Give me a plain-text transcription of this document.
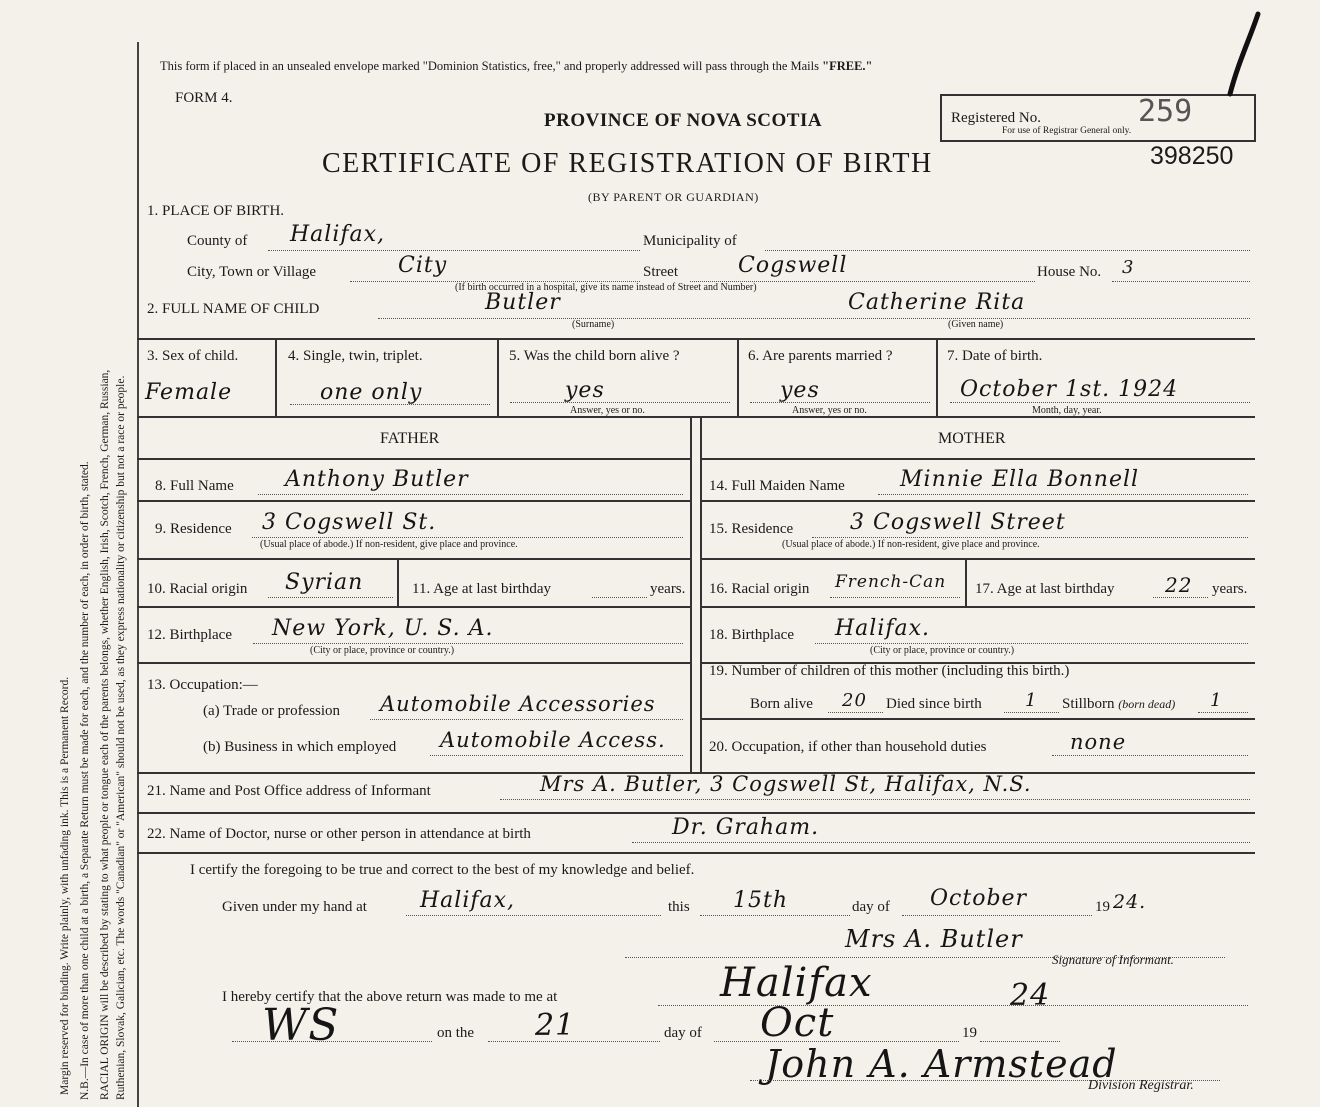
Margin reserved for binding. Write plainly, with unfading ink. This is a Permanent Record. N.B.—In case of more than one child at a birth, a Separate Return must be made for each, and the number of each, in order of birth, stated. RACIAL ORIGIN will be described by stating to what people or tongue each of the parents belongs, whether English, Irish, Scotch, French, German, Russian, Ruthenian, Slovak, Galician, etc. The words "Canadian" or "American" should not be used, as they express nationality or citizenship but not a race or people.
This form if placed in an unsealed envelope marked "Dominion Statistics, free," and properly addressed will pass through the Mails "FREE."
FORM 4.
PROVINCE OF NOVA SCOTIA
CERTIFICATE OF REGISTRATION OF BIRTH
(BY PARENT OR GUARDIAN)
Registered No.	259
For use of Registrar General only.
398250
1. PLACE OF BIRTH.
County of Halifax,	Municipality of
City, Town or Village	City	Street	Cogswell	House No. 3
(If birth occurred in a hospital, give its name instead of Street and Number)
2. FULL NAME OF CHILD	Butler
(Surname)
Catherine Rita
(Given name)
3. Sex of child.
Female
4. Single, twin, triplet.
one only
5. Was the child born alive ?
yes
Answer, yes or no.
6. Are parents married ?
yes
Answer, yes or no.
7. Date of birth.
October 1st. 1924
Month, day, year.
FATHER	MOTHER
8. Full Name Anthony Butler
9. Residence 3 Cogswell St.
(Usual place of abode.) If non-resident, give place and province.
10. Racial origin Syrian	11. Age at last birthday	years.
12. Birthplace New York, U. S. A.
(City or place, province or country.)
13. Occupation:—
(a) Trade or profession Automobile Accessories
(b) Business in which employed Automobile Access.
14. Full Maiden Name	Minnie Ella Bonnell
15. Residence	3 Cogswell Street
(Usual place of abode.) If non-resident, give place and province.
16. Racial origin French-Can 17. Age at last birthday	22 years.
18. Birthplace Halifax.
(City or place, province or country.)
19. Number of children of this mother (including this birth.)
Born alive 20 Died since birth 1 Stillborn (born dead) 1
20. Occupation, if other than household duties	none
21. Name and Post Office address of Informant	Mrs A. Butler, 3 Cogswell St, Halifax, N.S.
22. Name of Doctor, nurse or other person in attendance at birth	Dr. Graham.
I certify the foregoing to be true and correct to the best of my knowledge and belief.
Given under my hand at Halifax,	this 15th	day of October	19 24.
Mrs A. Butler
Signature of Informant.
I hereby certify that the above return was made to me at	Halifax	24
WS	on the 21	day of Oct	19
John A. Armstead
Division Registrar.
